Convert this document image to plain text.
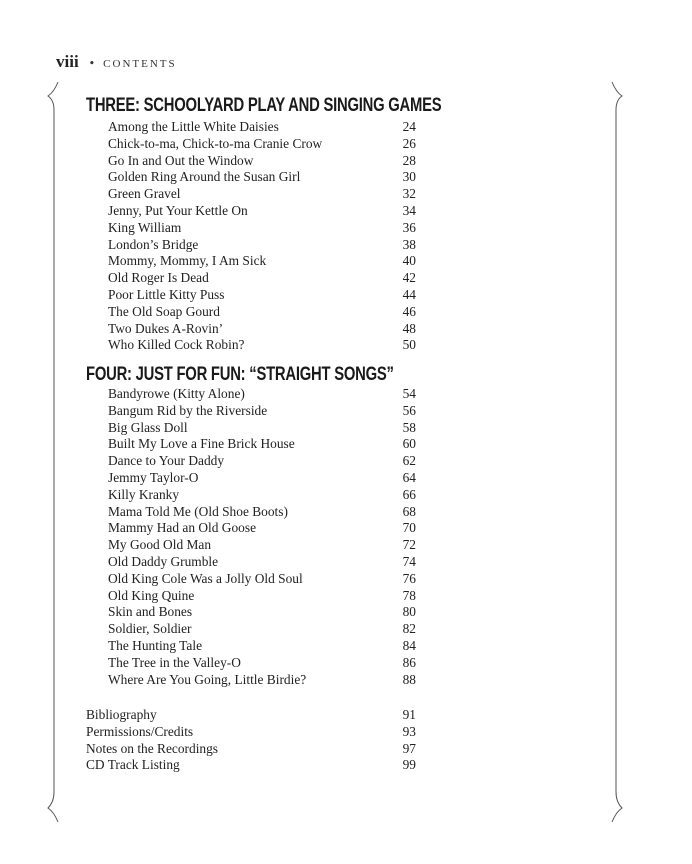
viii • CONTENTS
THREE: SCHOOLYARD PLAY AND SINGING GAMES
Among the Little White Daisies	24
Chick-to-ma, Chick-to-ma Cranie Crow	26
Go In and Out the Window	28
Golden Ring Around the Susan Girl	30
Green Gravel	32
Jenny, Put Your Kettle On	34
King William	36
London’s Bridge	38
Mommy, Mommy, I Am Sick	40
Old Roger Is Dead	42
Poor Little Kitty Puss	44
The Old Soap Gourd	46
Two Dukes A-Rovin’	48
Who Killed Cock Robin?	50
FOUR: JUST FOR FUN: “STRAIGHT SONGS”
Bandyrowe (Kitty Alone)	54
Bangum Rid by the Riverside	56
Big Glass Doll	58
Built My Love a Fine Brick House	60
Dance to Your Daddy	62
Jemmy Taylor-O	64
Killy Kranky	66
Mama Told Me (Old Shoe Boots)	68
Mammy Had an Old Goose	70
My Good Old Man	72
Old Daddy Grumble	74
Old King Cole Was a Jolly Old Soul	76
Old King Quine	78
Skin and Bones	80
Soldier, Soldier	82
The Hunting Tale	84
The Tree in the Valley-O	86
Where Are You Going, Little Birdie?	88
Bibliography	91
Permissions/Credits	93
Notes on the Recordings	97
CD Track Listing	99
